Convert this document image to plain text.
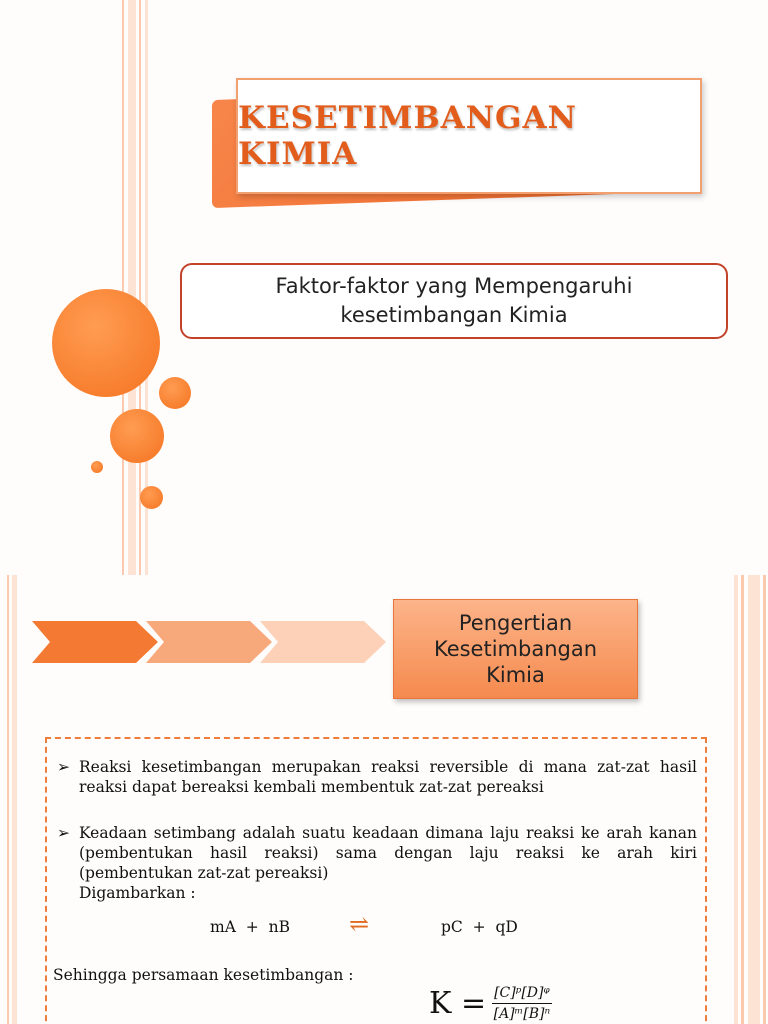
KESETIMBANGAN KIMIA
Faktor-faktor yang Mempengaruhi
kesetimbangan Kimia
Pengertian
Kesetimbangan
Kimia
➢ Reaksi kesetimbangan merupakan reaksi reversible di mana zat-zat hasil reaksi dapat bereaksi kembali membentuk zat-zat pereaksi
➢ Keadaan setimbang adalah suatu keadaan dimana laju reaksi ke arah kanan (pembentukan hasil reaksi) sama dengan laju reaksi ke arah kiri (pembentukan zat-zat pereaksi)
Digambarkan :
mA  +  nB ⇌	pC  +  qD
Sehingga persamaan kesetimbangan :
$K = \frac{\text{[C]ᵖ[D]ᵠ}}{\text{[A]ᵐ[B]ⁿ}}$
